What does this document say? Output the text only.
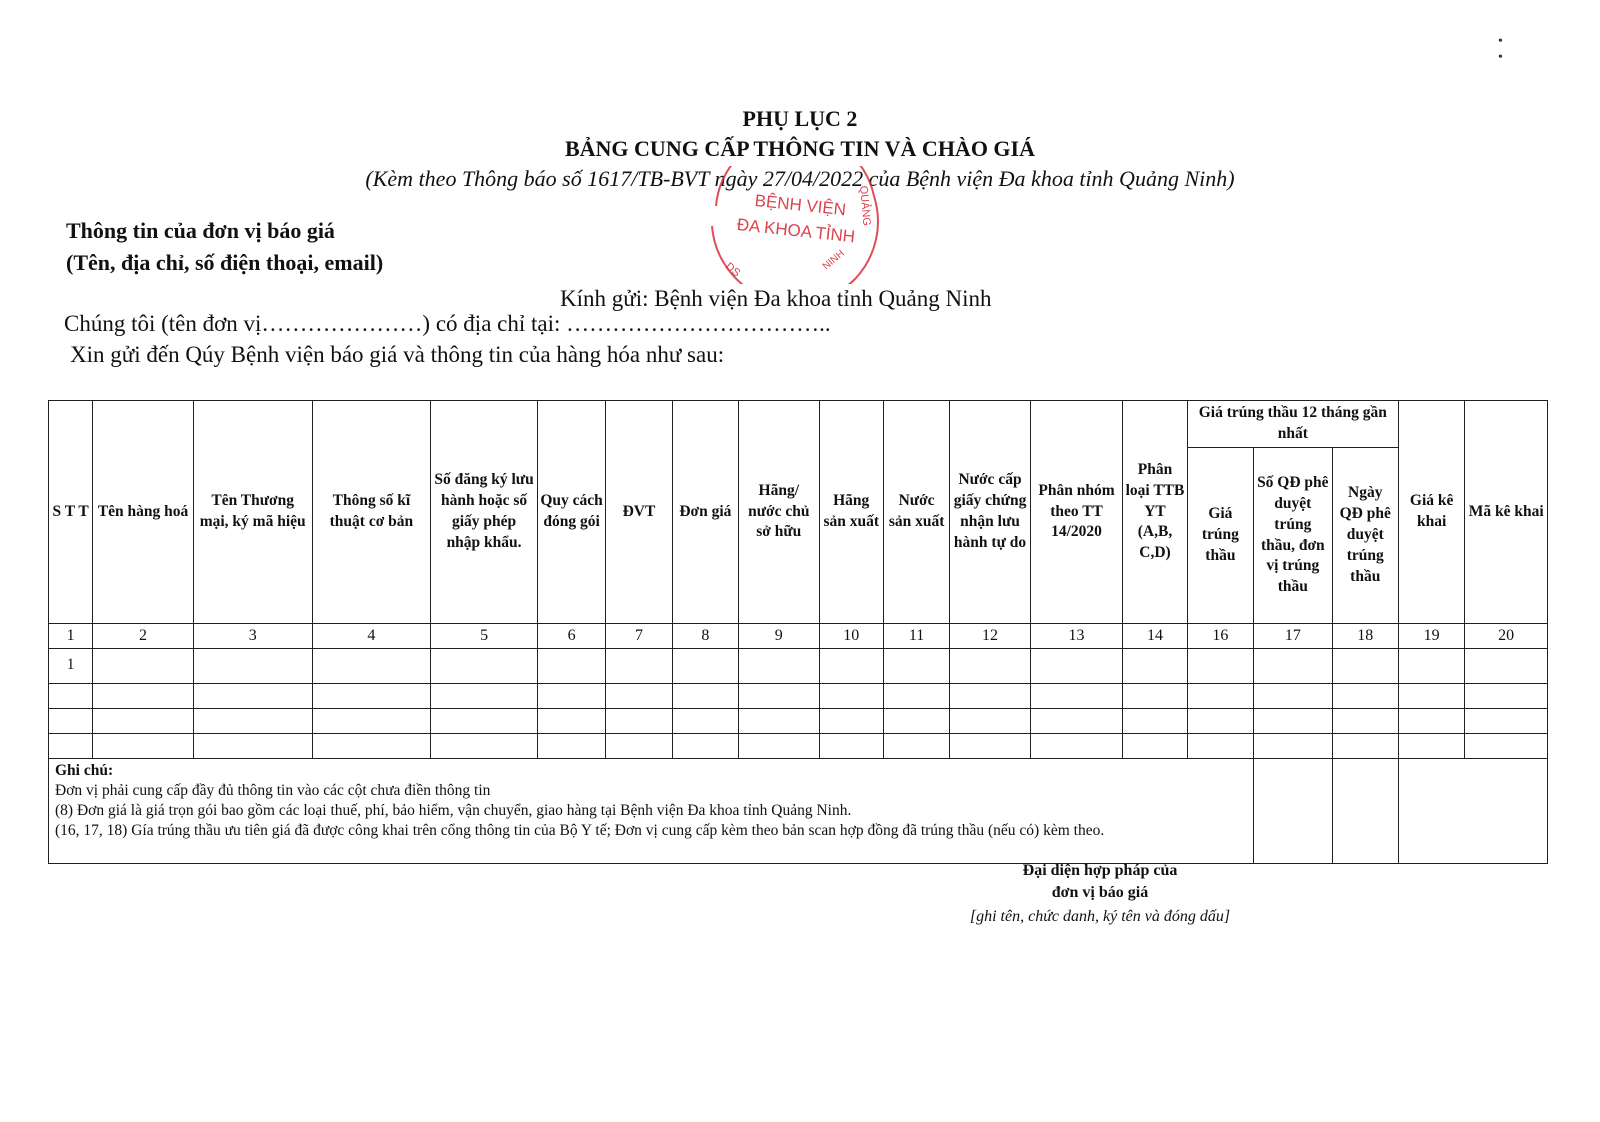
• •
PHỤ LỤC 2
BẢNG CUNG CẤP THÔNG TIN VÀ CHÀO GIÁ
(Kèm theo Thông báo số 1617/TB-BVT ngày 27/04/2022 của Bệnh viện Đa khoa tỉnh Quảng Ninh)
BỆNH VIỆN
ĐA KHOA TỈNH
DS
QUẢNG
NINH
Thông tin của đơn vị báo giá
(Tên, địa chỉ, số điện thoại, email)
Kính gửi: Bệnh viện Đa khoa tỉnh Quảng Ninh
Chúng tôi (tên đơn vị…………………) có địa chỉ tại: ……………………………..
Xin gửi đến Qúy Bệnh viện báo giá và thông tin của hàng hóa như sau:
S T T	Tên hàng hoá	Tên Thương mại, ký mã hiệu	Thông số kĩ thuật cơ bản	Số đăng ký lưu hành hoặc số giấy phép nhập khẩu.	Quy cách đóng gói	ĐVT	Đơn giá	Hãng/ nước chủ sở hữu	Hãng sản xuất	Nước sản xuất	Nước cấp giấy chứng nhận lưu hành tự do	Phân nhóm theo TT 14/2020	Phân loại TTB YT (A,B, C,D)	Giá trúng thầu 12 tháng gần nhất			Giá kê khai	Mã kê khai
														Giá trúng thầu	Số QĐ phê duyệt trúng thầu, đơn vị trúng thầu	Ngày QĐ phê duyệt trúng thầu		
1	2	3	4	5	6	7	8	9	10	11	12	13	14	16	17	18	19	20
1																		

Ghi chú:
Đơn vị phải cung cấp đầy đủ thông tin vào các cột chưa điền thông tin
(8) Đơn giá là giá trọn gói bao gồm các loại thuế, phí, bảo hiểm, vận chuyển, giao hàng tại Bệnh viện Đa khoa tỉnh Quảng Ninh.
(16, 17, 18) Gía trúng thầu ưu tiên giá đã được công khai trên cổng thông tin của Bộ Y tế; Đơn vị cung cấp kèm theo bản scan hợp đồng đã trúng thầu (nếu có) kèm theo.																		

Đại diện hợp pháp của
đơn vị báo giá
[ghi tên, chức danh, ký tên và đóng dấu]
